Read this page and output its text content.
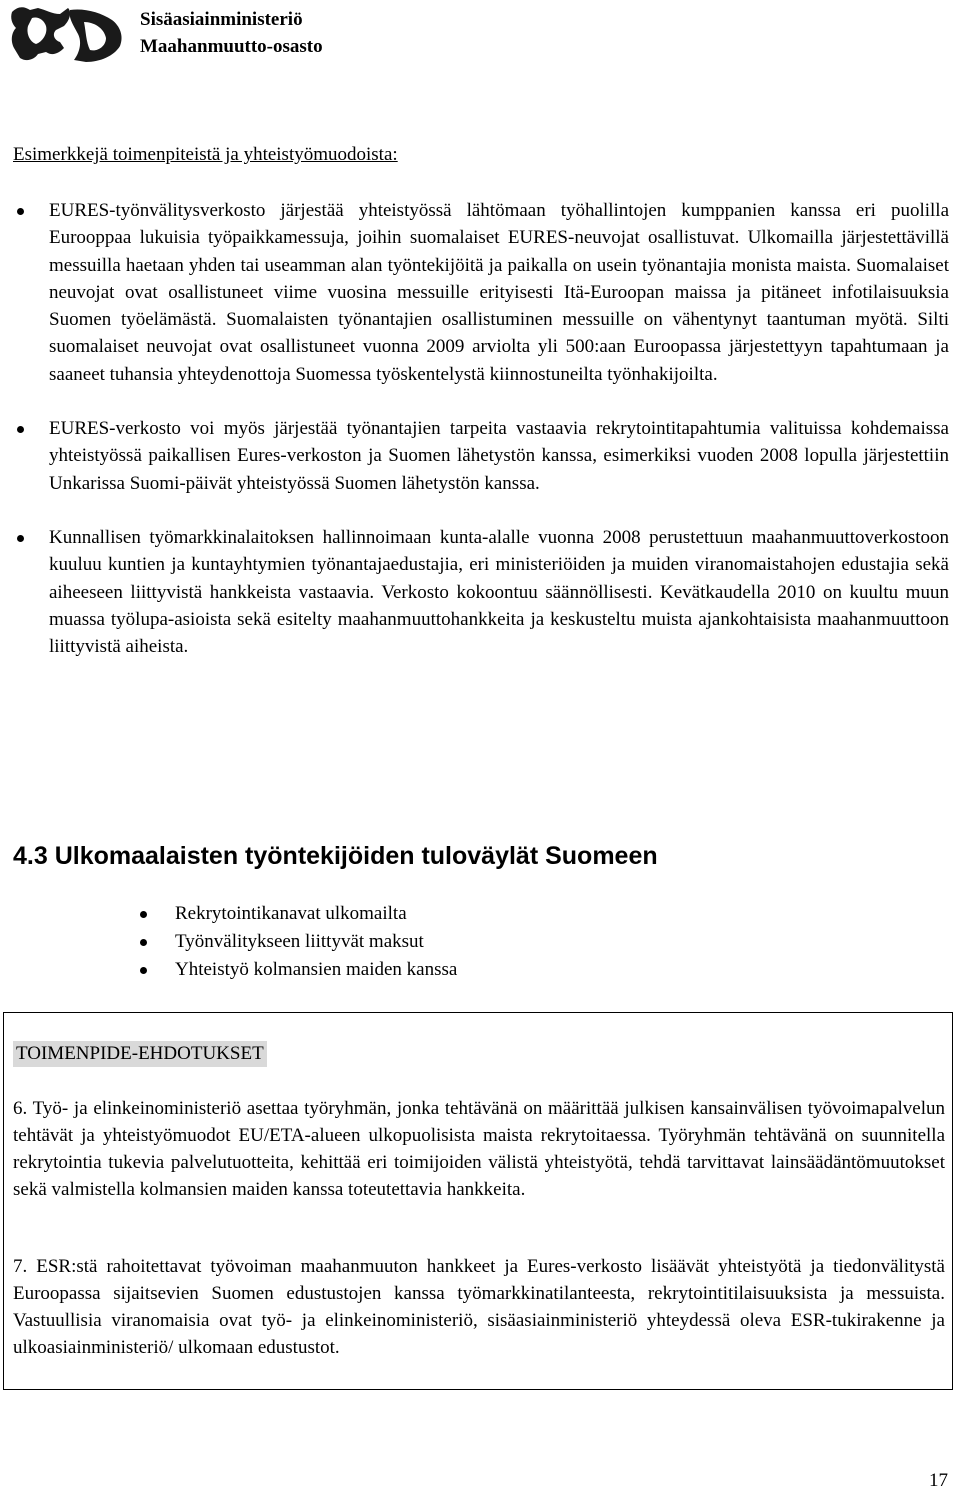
Sisäasiainministeriö
Maahanmuutto-osasto
Esimerkkejä toimenpiteistä ja yhteistyömuodoista:
EURES-työnvälitysverkosto järjestää yhteistyössä lähtömaan työhallintojen kumppanien kanssa eri puolilla Eurooppaa lukuisia työpaikkamessuja, joihin suomalaiset EURES-neuvojat osallistuvat. Ulkomailla järjestettävillä messuilla haetaan yhden tai useamman alan työntekijöitä ja paikalla on usein työnantajia monista maista. Suomalaiset neuvojat ovat osallistuneet viime vuosina messuille erityisesti Itä-Euroopan maissa ja pitäneet infotilaisuuksia Suomen työelämästä. Suomalaisten työnantajien osallistuminen messuille on vähentynyt taantuman myötä. Silti suomalaiset neuvojat ovat osallistuneet vuonna 2009 arviolta yli 500:aan Euroopassa järjestettyyn tapahtumaan ja saaneet tuhansia yhteydenottoja Suomessa työskentelystä kiinnostuneilta työnhakijoilta.
EURES-verkosto voi myös järjestää työnantajien tarpeita vastaavia rekrytointitapahtumia valituissa kohdemaissa yhteistyössä paikallisen Eures-verkoston ja Suomen lähetystön kanssa, esimerkiksi vuoden 2008 lopulla järjestettiin Unkarissa Suomi-päivät yhteistyössä Suomen lähetystön kanssa.
Kunnallisen työmarkkinalaitoksen hallinnoimaan kunta-alalle vuonna 2008 perustettuun maahanmuuttoverkostoon kuuluu kuntien ja kuntayhtymien työnantajaedustajia, eri ministeriöiden ja muiden viranomaistahojen edustajia sekä aiheeseen liittyvistä hankkeista vastaavia. Verkosto kokoontuu säännöllisesti. Kevätkaudella 2010 on kuultu muun muassa työlupa-asioista sekä esitelty maahanmuuttohankkeita ja keskusteltu muista ajankohtaisista maahanmuuttoon liittyvistä aiheista.
4.3 Ulkomaalaisten työntekijöiden tuloväylät Suomeen
Rekrytointikanavat ulkomailta
Työnvälitykseen liittyvät maksut
Yhteistyö kolmansien maiden kanssa
TOIMENPIDE-EHDOTUKSET

6. Työ- ja elinkeinoministeriö asettaa työryhmän, jonka tehtävänä on määrittää julkisen kansainvälisen työvoimapalvelun tehtävät ja yhteistyömuodot EU/ETA-alueen ulkopuolisista maista rekrytoitaessa. Työryhmän tehtävänä on suunnitella rekrytointia tukevia palvelutuotteita, kehittää eri toimijoiden välistä yhteistyötä, tehdä tarvittavat lainsäädäntömuutokset sekä valmistella kolmansien maiden kanssa toteutettavia hankkeita.

7. ESR:stä rahoitettavat työvoiman maahanmuuton hankkeet ja Eures-verkosto lisäävät yhteistyötä ja tiedonvälitystä Euroopassa sijaitsevien Suomen edustustojen kanssa työmarkkinatilanteesta, rekrytointitilaisuuksista ja messuista. Vastuullisia viranomaisia ovat työ- ja elinkeinoministeriö, sisäasiainministeriö yhteydessä oleva ESR-tukirakenne ja ulkoasiainministeriö/ ulkomaan edustustot.

17
